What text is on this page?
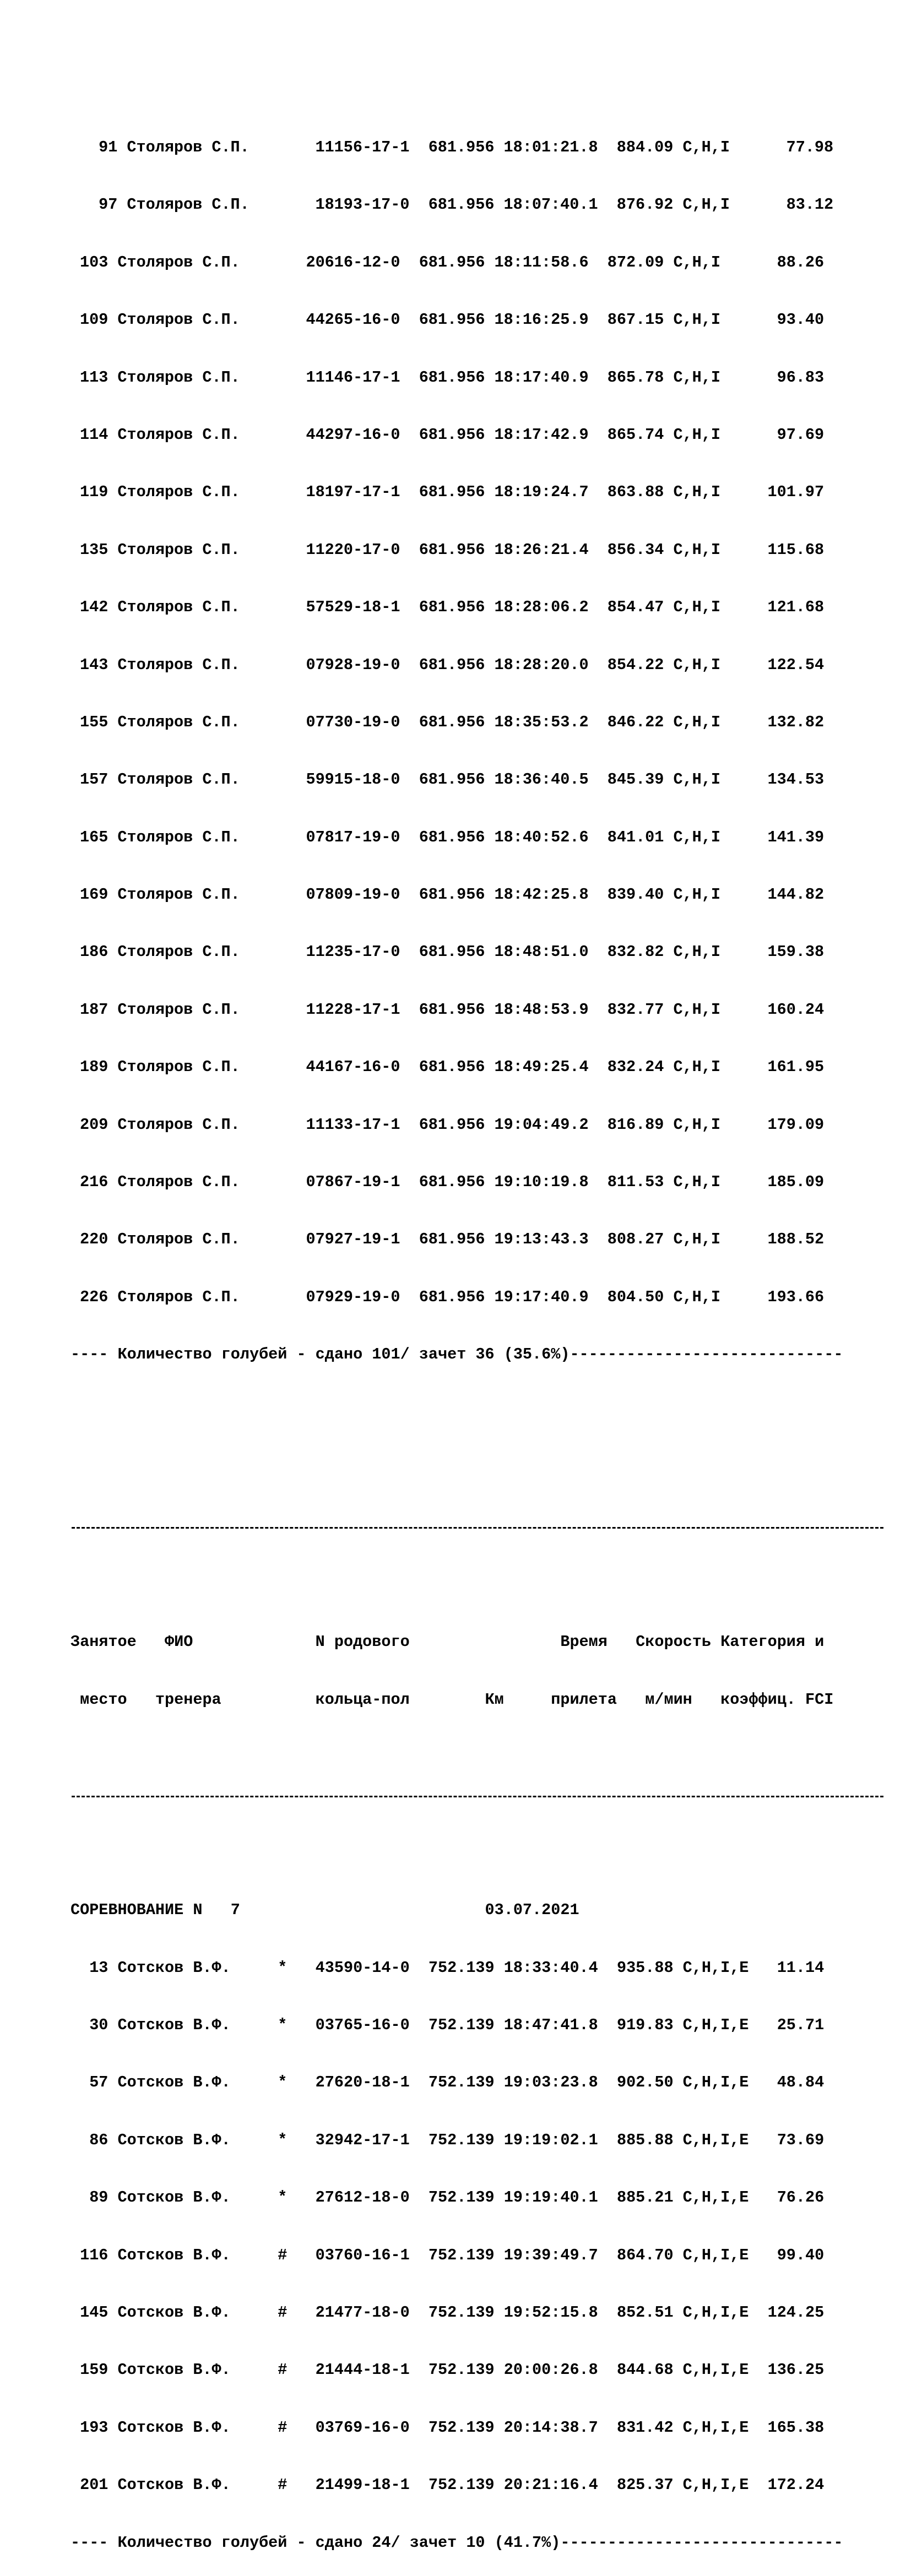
91 Столяров С.П.       11156-17-1  681.956 18:01:21.8  884.09 C,H,I      77.98

97 Столяров С.П.       18193-17-0  681.956 18:07:40.1  876.92 C,H,I      83.12

103 Столяров С.П.       20616-12-0  681.956 18:11:58.6  872.09 C,H,I      88.26

109 Столяров С.П.       44265-16-0  681.956 18:16:25.9  867.15 C,H,I      93.40

113 Столяров С.П.       11146-17-1  681.956 18:17:40.9  865.78 C,H,I      96.83

114 Столяров С.П.       44297-16-0  681.956 18:17:42.9  865.74 C,H,I      97.69

119 Столяров С.П.       18197-17-1  681.956 18:19:24.7  863.88 C,H,I     101.97

135 Столяров С.П.       11220-17-0  681.956 18:26:21.4  856.34 C,H,I     115.68

142 Столяров С.П.       57529-18-1  681.956 18:28:06.2  854.47 C,H,I     121.68

143 Столяров С.П.       07928-19-0  681.956 18:28:20.0  854.22 C,H,I     122.54

155 Столяров С.П.       07730-19-0  681.956 18:35:53.2  846.22 C,H,I     132.82

157 Столяров С.П.       59915-18-0  681.956 18:36:40.5  845.39 C,H,I     134.53

165 Столяров С.П.       07817-19-0  681.956 18:40:52.6  841.01 C,H,I     141.39

169 Столяров С.П.       07809-19-0  681.956 18:42:25.8  839.40 C,H,I     144.82

186 Столяров С.П.       11235-17-0  681.956 18:48:51.0  832.82 C,H,I     159.38

187 Столяров С.П.       11228-17-1  681.956 18:48:53.9  832.77 C,H,I     160.24

189 Столяров С.П.       44167-16-0  681.956 18:49:25.4  832.24 C,H,I     161.95

209 Столяров С.П.       11133-17-1  681.956 19:04:49.2  816.89 C,H,I     179.09

216 Столяров С.П.       07867-19-1  681.956 19:10:19.8  811.53 C,H,I     185.09

220 Столяров С.П.       07927-19-1  681.956 19:13:43.3  808.27 C,H,I     188.52

226 Столяров С.П.       07929-19-0  681.956 19:17:40.9  804.50 C,H,I     193.66

---- Количество голубей - сдано 101/ зачет 36 (35.6%)-----------------------------

Занятое   ФИО             N родового                Время   Скорость Категория и

место   тренера          кольца-пол        Км     прилета   м/мин   коэффиц. FCI

СОРЕВНОВАНИЕ N   7                          03.07.2021

13 Сотсков В.Ф.     *   43590-14-0  752.139 18:33:40.4  935.88 C,H,I,E   11.14

30 Сотсков В.Ф.     *   03765-16-0  752.139 18:47:41.8  919.83 C,H,I,E   25.71

57 Сотсков В.Ф.     *   27620-18-1  752.139 19:03:23.8  902.50 C,H,I,E   48.84

86 Сотсков В.Ф.     *   32942-17-1  752.139 19:19:02.1  885.88 C,H,I,E   73.69

89 Сотсков В.Ф.     *   27612-18-0  752.139 19:19:40.1  885.21 C,H,I,E   76.26

116 Сотсков В.Ф.     #   03760-16-1  752.139 19:39:49.7  864.70 C,H,I,E   99.40

145 Сотсков В.Ф.     #   21477-18-0  752.139 19:52:15.8  852.51 C,H,I,E  124.25

159 Сотсков В.Ф.     #   21444-18-1  752.139 20:00:26.8  844.68 C,H,I,E  136.25

193 Сотсков В.Ф.     #   03769-16-0  752.139 20:14:38.7  831.42 C,H,I,E  165.38

201 Сотсков В.Ф.     #   21499-18-1  752.139 20:21:16.4  825.37 C,H,I,E  172.24

---- Количество голубей - сдано 24/ зачет 10 (41.7%)------------------------------
